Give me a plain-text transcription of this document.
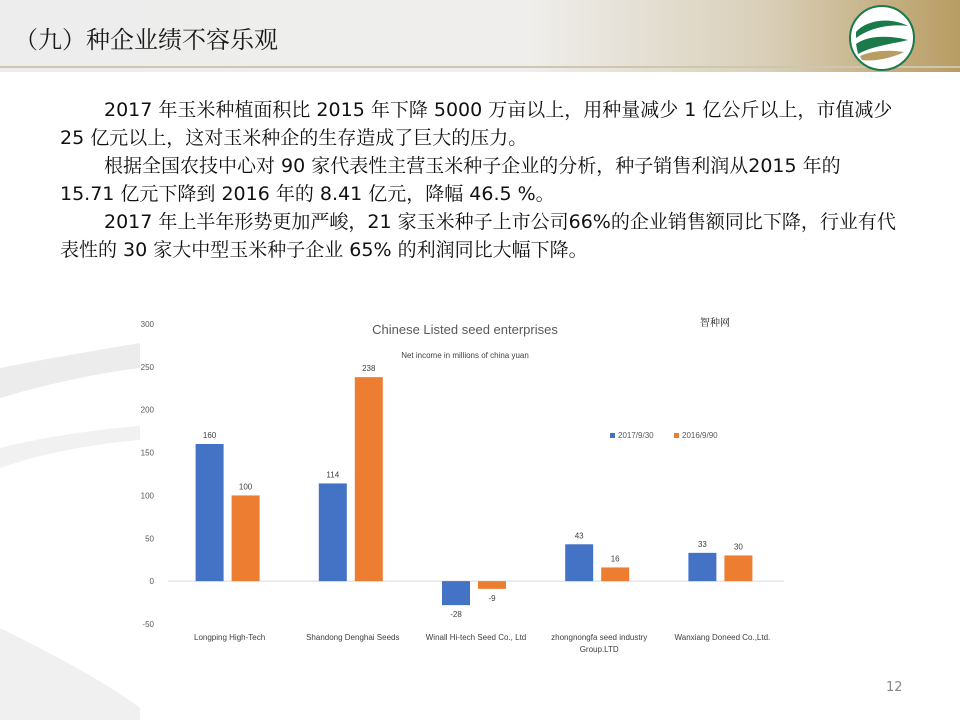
（九）种企业绩不容乐观

2017 年玉米种植面积比 2015 年下降 5000 万亩以上，用种量减少 1 亿公斤以上，市值减少 25 亿元以上，这对玉米种企的生存造成了巨大的压力。

根据全国农技中心对 90 家代表性主营玉米种子企业的分析，种子销售利润从2015 年的 15.71 亿元下降到 2016 年的 8.41 亿元，降幅 46.5 %。

2017 年上半年形势更加严峻，21 家玉米种子上市公司66%的企业销售额同比下降，行业有代表性的 30 家大中型玉米种子企业 65% 的利润同比大幅下降。

Chinese Listed seed enterprises
Net income in millions of china yuan
智种网
300
250
200
150
100
50
0
-50
Longping High-Tech	Shandong Denghai Seeds	Winall Hi-tech Seed Co., Ltd	zhongnongfa seed industry
Group.LTD
Wanxiang Doneed Co.,Ltd.
160
100
114
238
-28
-9
43
16
33	30
2017/9/30	2016/9/90
12
